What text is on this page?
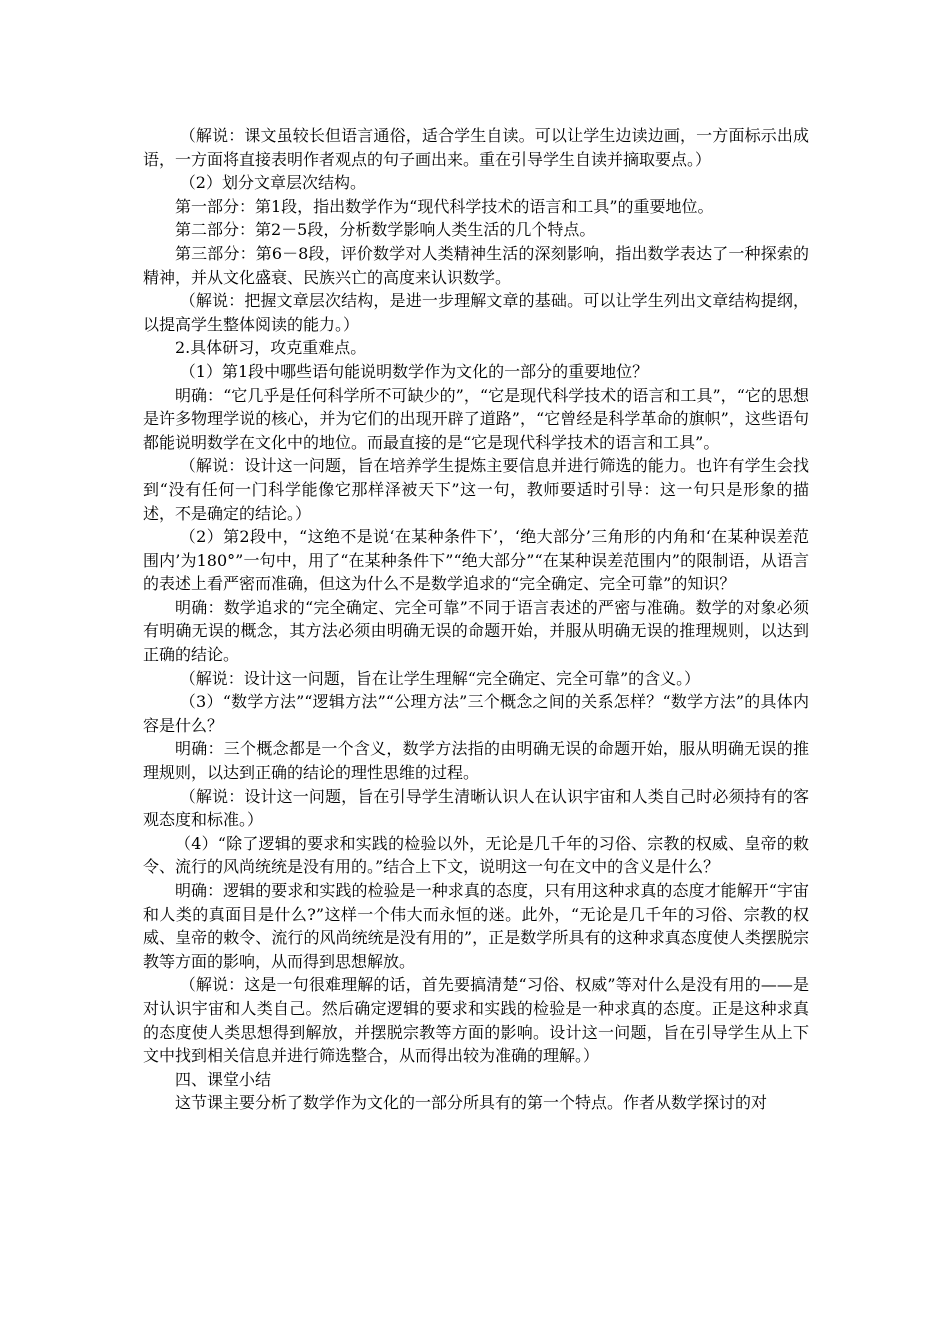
（解说：课文虽较长但语言通俗，适合学生自读。可以让学生边读边画，一方面标示出成语，一方面将直接表明作者观点的句子画出来。重在引导学生自读并摘取要点。）

（2）划分文章层次结构。

第一部分：第1段，指出数学作为“现代科学技术的语言和工具”的重要地位。

第二部分：第2－5段，分析数学影响人类生活的几个特点。

第三部分：第6－8段，评价数学对人类精神生活的深刻影响，指出数学表达了一种探索的精神，并从文化盛衰、民族兴亡的高度来认识数学。

（解说：把握文章层次结构，是进一步理解文章的基础。可以让学生列出文章结构提纲，以提高学生整体阅读的能力。）

2.具体研习，攻克重难点。

（1）第1段中哪些语句能说明数学作为文化的一部分的重要地位？

明确：“它几乎是任何科学所不可缺少的”，“它是现代科学技术的语言和工具”，“它的思想是许多物理学说的核心，并为它们的出现开辟了道路”，“它曾经是科学革命的旗帜”，这些语句都能说明数学在文化中的地位。而最直接的是“它是现代科学技术的语言和工具”。

（解说：设计这一问题，旨在培养学生提炼主要信息并进行筛选的能力。也许有学生会找到“没有任何一门科学能像它那样泽被天下”这一句，教师要适时引导：这一句只是形象的描述，不是确定的结论。）

（2）第2段中，“这绝不是说‘在某种条件下’，‘绝大部分’三角形的内角和‘在某种误差范围内’为180°”一句中，用了“在某种条件下”“绝大部分”“在某种误差范围内”的限制语，从语言的表述上看严密而准确，但这为什么不是数学追求的“完全确定、完全可靠”的知识？

明确：数学追求的“完全确定、完全可靠”不同于语言表述的严密与准确。数学的对象必须有明确无误的概念，其方法必须由明确无误的命题开始，并服从明确无误的推理规则，以达到正确的结论。

（解说：设计这一问题，旨在让学生理解“完全确定、完全可靠”的含义。）

（3）“数学方法”“逻辑方法”“公理方法”三个概念之间的关系怎样？“数学方法”的具体内容是什么？

明确：三个概念都是一个含义，数学方法指的由明确无误的命题开始，服从明确无误的推理规则，以达到正确的结论的理性思维的过程。

（解说：设计这一问题，旨在引导学生清晰认识人在认识宇宙和人类自己时必须持有的客观态度和标准。）

（4）“除了逻辑的要求和实践的检验以外，无论是几千年的习俗、宗教的权威、皇帝的敕令、流行的风尚统统是没有用的。”结合上下文，说明这一句在文中的含义是什么？

明确：逻辑的要求和实践的检验是一种求真的态度，只有用这种求真的态度才能解开“宇宙和人类的真面目是什么?”这样一个伟大而永恒的迷。此外，“无论是几千年的习俗、宗教的权威、皇帝的敕令、流行的风尚统统是没有用的”，正是数学所具有的这种求真态度使人类摆脱宗教等方面的影响，从而得到思想解放。

（解说：这是一句很难理解的话，首先要搞清楚“习俗、权威”等对什么是没有用的——是对认识宇宙和人类自己。然后确定逻辑的要求和实践的检验是一种求真的态度。正是这种求真的态度使人类思想得到解放，并摆脱宗教等方面的影响。设计这一问题，旨在引导学生从上下文中找到相关信息并进行筛选整合，从而得出较为准确的理解。）

四、课堂小结

这节课主要分析了数学作为文化的一部分所具有的第一个特点。作者从数学探讨的对
